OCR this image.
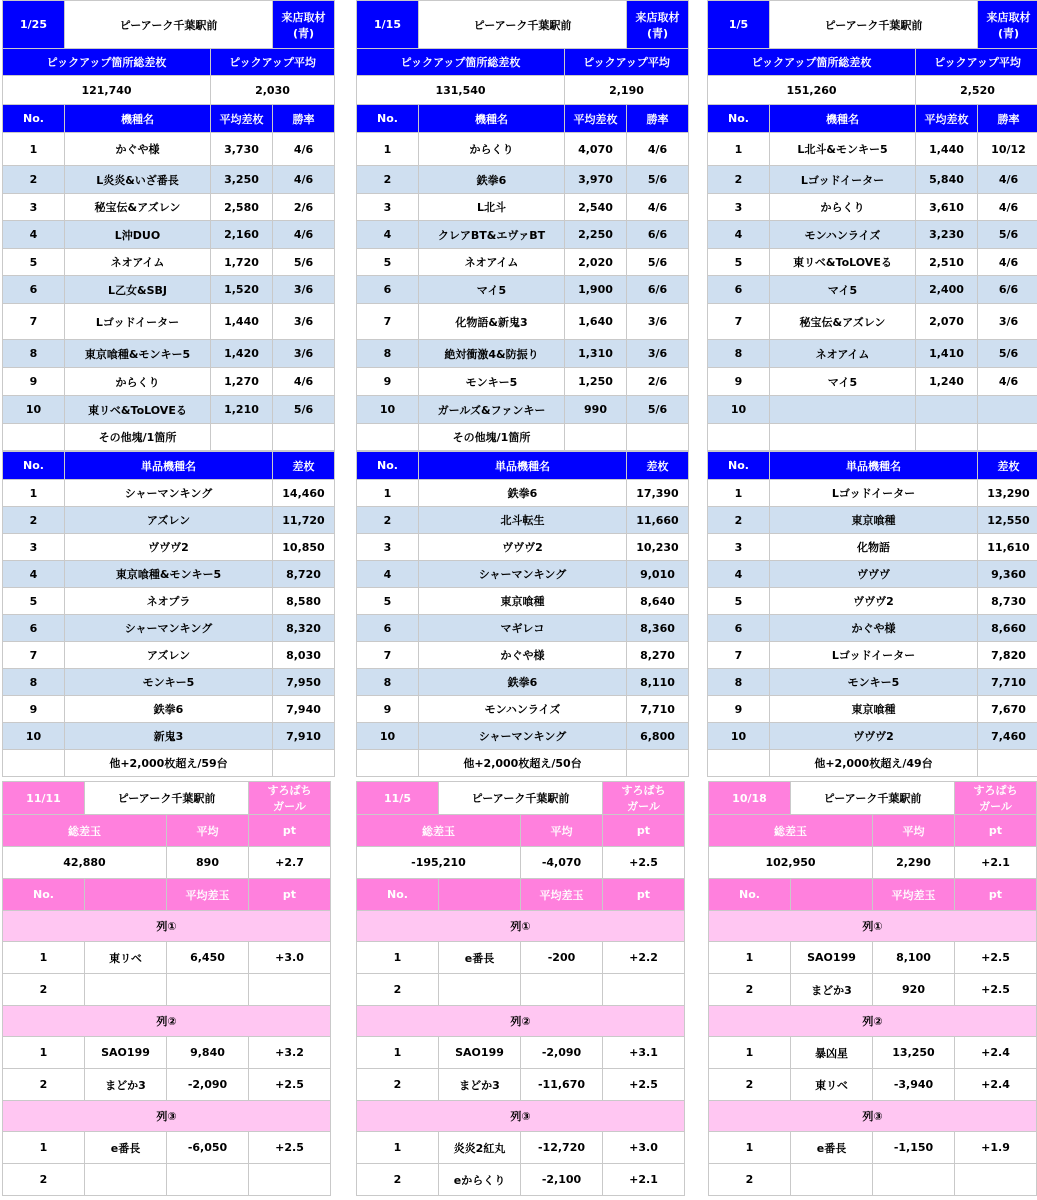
1/25	ピーアーク千葉駅前		来店取材
(青)
ピックアップ箇所総差枚		ピックアップ平均	
121,740		2,030	
No.	機種名	平均差枚	勝率
1	かぐや様	3,730	4/6
2	L炎炎&いざ番長	3,250	4/6
3	秘宝伝&アズレン	2,580	2/6
4	L沖DUO	2,160	4/6
5	ネオアイム	1,720	5/6
6	L乙女&SBJ	1,520	3/6
7	Lゴッドイーター	1,440	3/6
8	東京喰種&モンキー5	1,420	3/6
9	からくり	1,270	4/6
10	東リベ&ToLOVEる	1,210	5/6
	その他塊/1箇所		
No.	単品機種名	差枚
1	シャーマンキング	14,460
2	アズレン	11,720
3	ヴヴヴ2	10,850
4	東京喰種&モンキー5	8,720
5	ネオプラ	8,580
6	シャーマンキング	8,320
7	アズレン	8,030
8	モンキー5	7,950
9	鉄拳6	7,940
10	新鬼3	7,910
	他+2,000枚超え/59台	
1/15	ピーアーク千葉駅前		来店取材
(青)
ピックアップ箇所総差枚		ピックアップ平均	
131,540		2,190	
No.	機種名	平均差枚	勝率
1	からくり	4,070	4/6
2	鉄拳6	3,970	5/6
3	L北斗	2,540	4/6
4	クレアBT&エヴァBT	2,250	6/6
5	ネオアイム	2,020	5/6
6	マイ5	1,900	6/6
7	化物語&新鬼3	1,640	3/6
8	絶対衝激4&防振り	1,310	3/6
9	モンキー5	1,250	2/6
10	ガールズ&ファンキー	990	5/6
	その他塊/1箇所		
No.	単品機種名	差枚
1	鉄拳6	17,390
2	北斗転生	11,660
3	ヴヴヴ2	10,230
4	シャーマンキング	9,010
5	東京喰種	8,640
6	マギレコ	8,360
7	かぐや様	8,270
8	鉄拳6	8,110
9	モンハンライズ	7,710
10	シャーマンキング	6,800
	他+2,000枚超え/50台	
1/5	ピーアーク千葉駅前		来店取材
(青)
ピックアップ箇所総差枚		ピックアップ平均	
151,260		2,520	
No.	機種名	平均差枚	勝率
1	L北斗&モンキー5	1,440	10/12
2	Lゴッドイーター	5,840	4/6
3	からくり	3,610	4/6
4	モンハンライズ	3,230	5/6
5	東リベ&ToLOVEる	2,510	4/6
6	マイ5	2,400	6/6
7	秘宝伝&アズレン	2,070	3/6
8	ネオアイム	1,410	5/6
9	マイ5	1,240	4/6
10			

No.	単品機種名	差枚
1	Lゴッドイーター	13,290
2	東京喰種	12,550
3	化物語	11,610
4	ヴヴヴ	9,360
5	ヴヴヴ2	8,730
6	かぐや様	8,660
7	Lゴッドイーター	7,820
8	モンキー5	7,710
9	東京喰種	7,670
10	ヴヴヴ2	7,460
	他+2,000枚超え/49台	
11/11	ピーアーク千葉駅前		すろぱち
ガール
総差玉		平均	pt
42,880		890	+2.7
No.		平均差玉	pt
列①			
1	東リベ	6,450	+3.0
2			
列②			
1	SAO199	9,840	+3.2
2	まどか3	-2,090	+2.5
列③			
1	e番長	-6,050	+2.5
2			
11/5	ピーアーク千葉駅前		すろぱち
ガール
総差玉		平均	pt
-195,210		-4,070	+2.5
No.		平均差玉	pt
列①			
1	e番長	-200	+2.2
2			
列②			
1	SAO199	-2,090	+3.1
2	まどか3	-11,670	+2.5
列③			
1	炎炎2紅丸	-12,720	+3.0
2	eからくり	-2,100	+2.1
10/18	ピーアーク千葉駅前		すろぱち
ガール
総差玉		平均	pt
102,950		2,290	+2.1
No.		平均差玉	pt
列①			
1	SAO199	8,100	+2.5
2	まどか3	920	+2.5
列②			
1	暴凶星	13,250	+2.4
2	東リベ	-3,940	+2.4
列③			
1	e番長	-1,150	+1.9
2			
